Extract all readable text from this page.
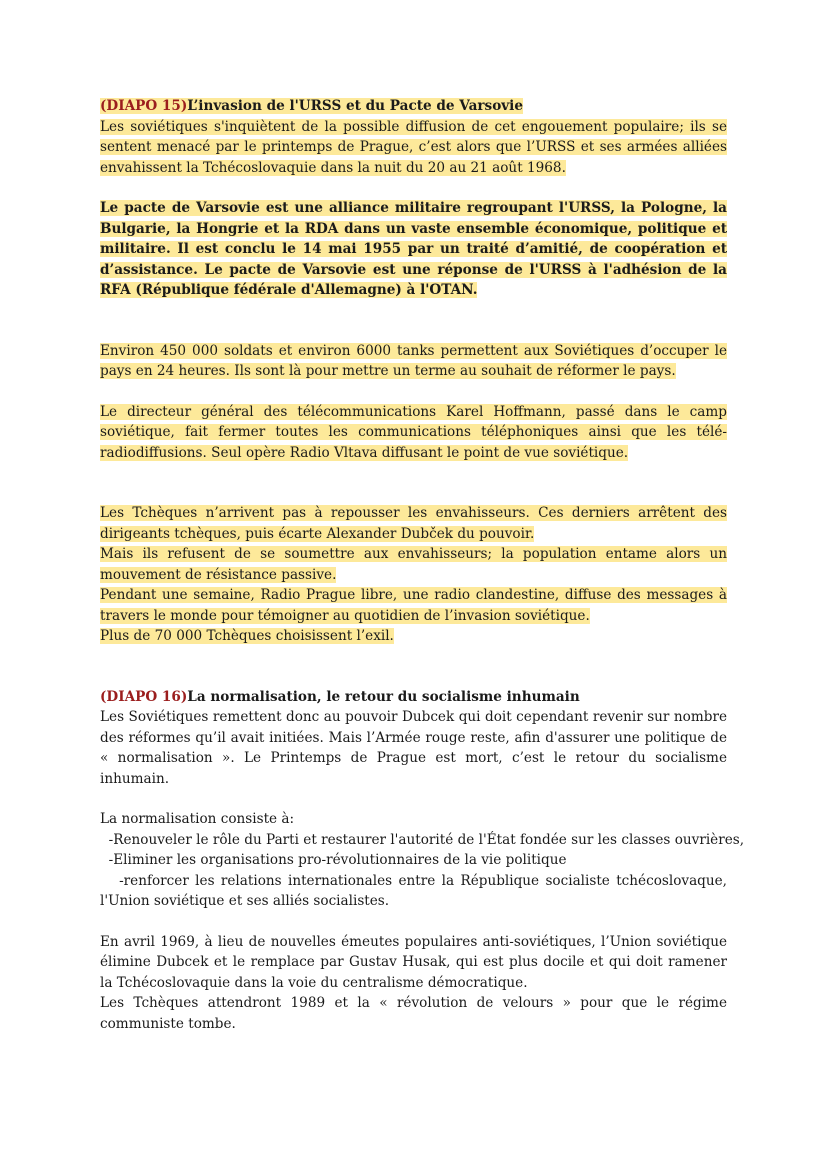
(DIAPO 15)L’invasion de l'URSS et du Pacte de Varsovie

Les soviétiques s'inquiètent de la possible diffusion de cet engouement populaire; ils se sentent menacé par le printemps de Prague, c’est alors que l’URSS et ses armées alliées envahissent la Tchécoslovaquie dans la nuit du 20 au 21 août 1968.

Le pacte de Varsovie est une alliance militaire regroupant l'URSS, la Pologne, la Bulgarie, la Hongrie et la RDA dans un vaste ensemble économique, politique et militaire. Il est conclu le 14 mai 1955 par un traité d’amitié, de coopération et d’assistance. Le pacte de Varsovie est une réponse de l'URSS à l'adhésion de la RFA (République fédérale d'Allemagne) à l'OTAN.

Environ 450 000 soldats et environ 6000 tanks permettent aux Soviétiques d’occuper le pays en 24 heures. Ils sont là pour mettre un terme au souhait de réformer le pays.

Le directeur général des télécommunications Karel Hoffmann, passé dans le camp soviétique, fait fermer toutes les communications téléphoniques ainsi que les télé-radiodiffusions. Seul opère Radio Vltava diffusant le point de vue soviétique.

Les Tchèques n’arrivent pas à repousser les envahisseurs. Ces derniers arrêtent des dirigeants tchèques, puis écarte Alexander Dubček du pouvoir.

Mais ils refusent de se soumettre aux envahisseurs; la population entame alors un mouvement de résistance passive.

Pendant une semaine, Radio Prague libre, une radio clandestine, diffuse des messages à travers le monde pour témoigner au quotidien de l’invasion soviétique.

Plus de 70 000 Tchèques choisissent l’exil.

(DIAPO 16)La normalisation, le retour du socialisme inhumain

Les Soviétiques remettent donc au pouvoir Dubcek qui doit cependant revenir sur nombre des réformes qu’il avait initiées. Mais l’Armée rouge reste, afin d'assurer une politique de « normalisation ». Le Printemps de Prague est mort, c’est le retour du socialisme inhumain.

La normalisation consiste à:

-Renouveler le rôle du Parti et restaurer l'autorité de l'État fondée sur les classes ouvrières,

-Eliminer les organisations pro-révolutionnaires de la vie politique

-renforcer les relations internationales entre la République socialiste tchécoslovaque, l'Union soviétique et ses alliés socialistes.

En avril 1969, à lieu de nouvelles émeutes populaires anti-soviétiques, l’Union soviétique élimine Dubcek et le remplace par Gustav Husak, qui est plus docile et qui doit ramener la Tchécoslovaquie dans la voie du centralisme démocratique.

Les Tchèques attendront 1989 et la « révolution de velours » pour que le régime communiste tombe.
